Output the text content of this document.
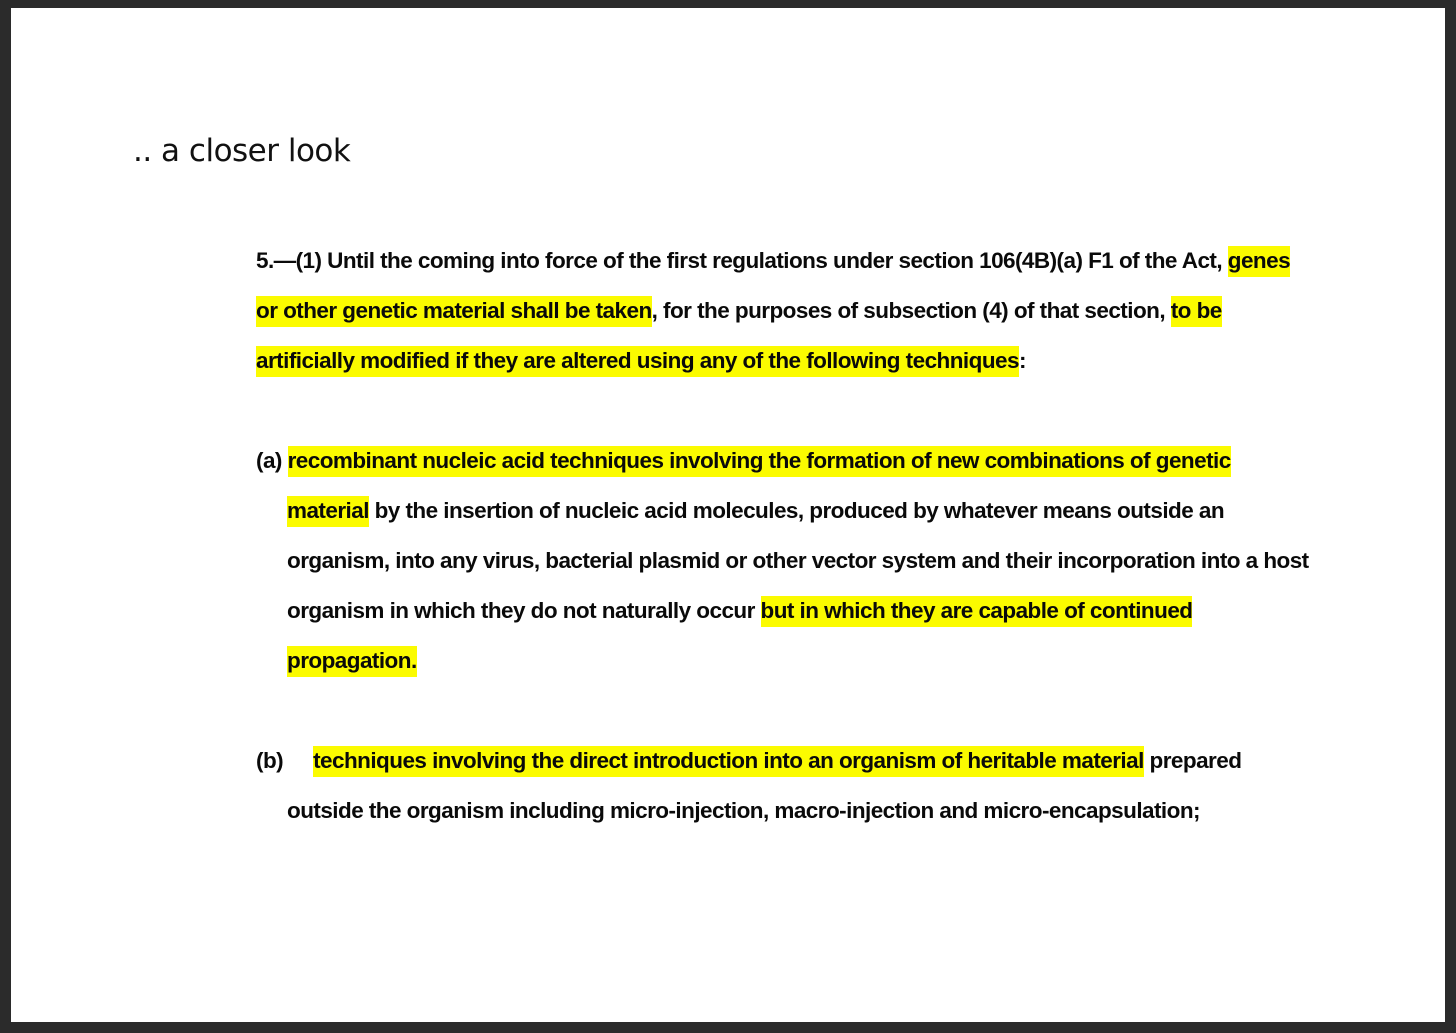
.. a closer look

5.—(1) Until the coming into force of the first regulations under section 106(4B)(a) F1 of the Act, genes or other genetic material shall be taken, for the purposes of subsection (4) of that section, to be artificially modified if they are altered using any of the following techniques:

(a) recombinant nucleic acid techniques involving the formation of new combinations of genetic material by the insertion of nucleic acid molecules, produced by whatever means outside an organism, into any virus, bacterial plasmid or other vector system and their incorporation into a host organism in which they do not naturally occur but in which they are capable of continued propagation.

(b) techniques involving the direct introduction into an organism of heritable material prepared outside the organism including micro-injection, macro-injection and micro-encapsulation;
